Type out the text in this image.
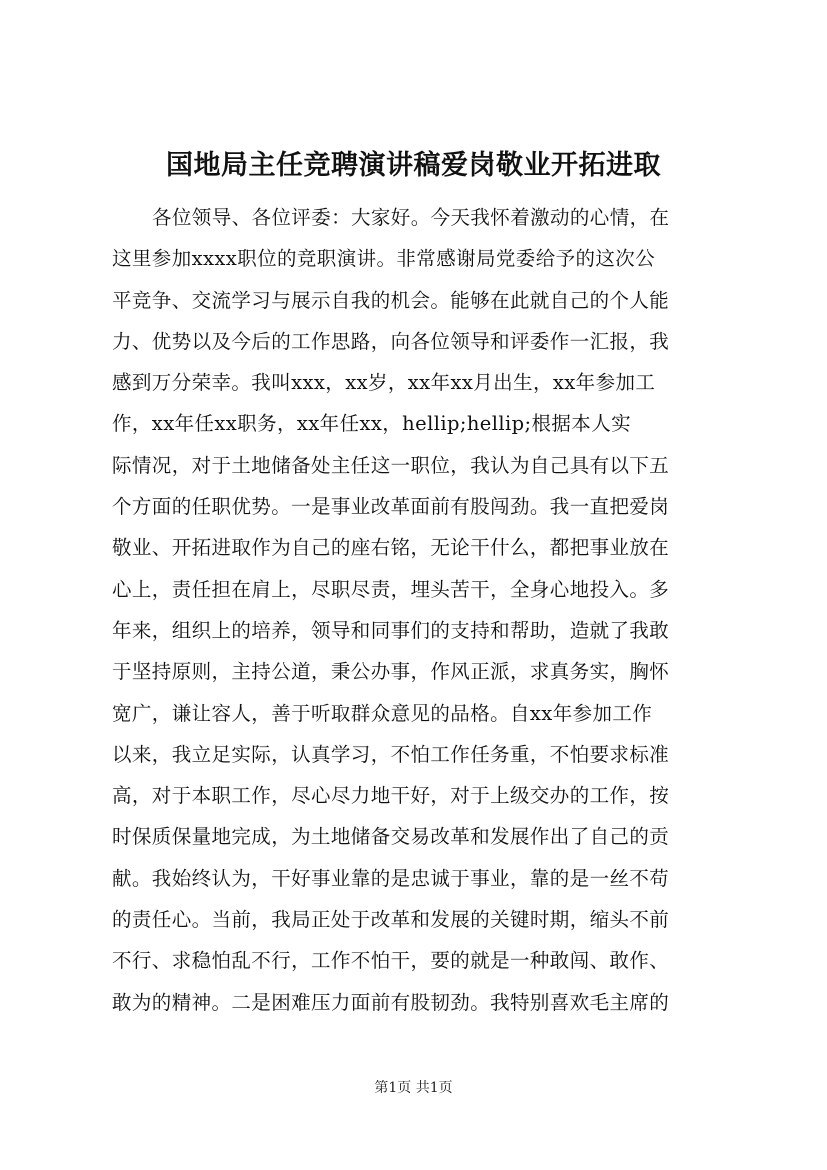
国地局主任竞聘演讲稿爱岗敬业开拓进取
各位领导、各位评委：大家好。今天我怀着激动的心情，在
这里参加xxxx职位的竞职演讲。非常感谢局党委给予的这次公
平竞争、交流学习与展示自我的机会。能够在此就自己的个人能
力、优势以及今后的工作思路，向各位领导和评委作一汇报，我
感到万分荣幸。我叫xxx，xx岁，xx年xx月出生，xx年参加工
作，xx年任xx职务，xx年任xx，hellip;hellip;根据本人实
际情况，对于土地储备处主任这一职位，我认为自己具有以下五
个方面的任职优势。一是事业改革面前有股闯劲。我一直把爱岗
敬业、开拓进取作为自己的座右铭，无论干什么，都把事业放在
心上，责任担在肩上，尽职尽责，埋头苦干，全身心地投入。多
年来，组织上的培养，领导和同事们的支持和帮助，造就了我敢
于坚持原则，主持公道，秉公办事，作风正派，求真务实，胸怀
宽广，谦让容人，善于听取群众意见的品格。自xx年参加工作
以来，我立足实际，认真学习，不怕工作任务重，不怕要求标准
高，对于本职工作，尽心尽力地干好，对于上级交办的工作，按
时保质保量地完成，为土地储备交易改革和发展作出了自己的贡
献。我始终认为，干好事业靠的是忠诚于事业，靠的是一丝不苟
的责任心。当前，我局正处于改革和发展的关键时期，缩头不前
不行、求稳怕乱不行，工作不怕干，要的就是一种敢闯、敢作、
敢为的精神。二是困难压力面前有股韧劲。我特别喜欢毛主席的
第1页 共1页
